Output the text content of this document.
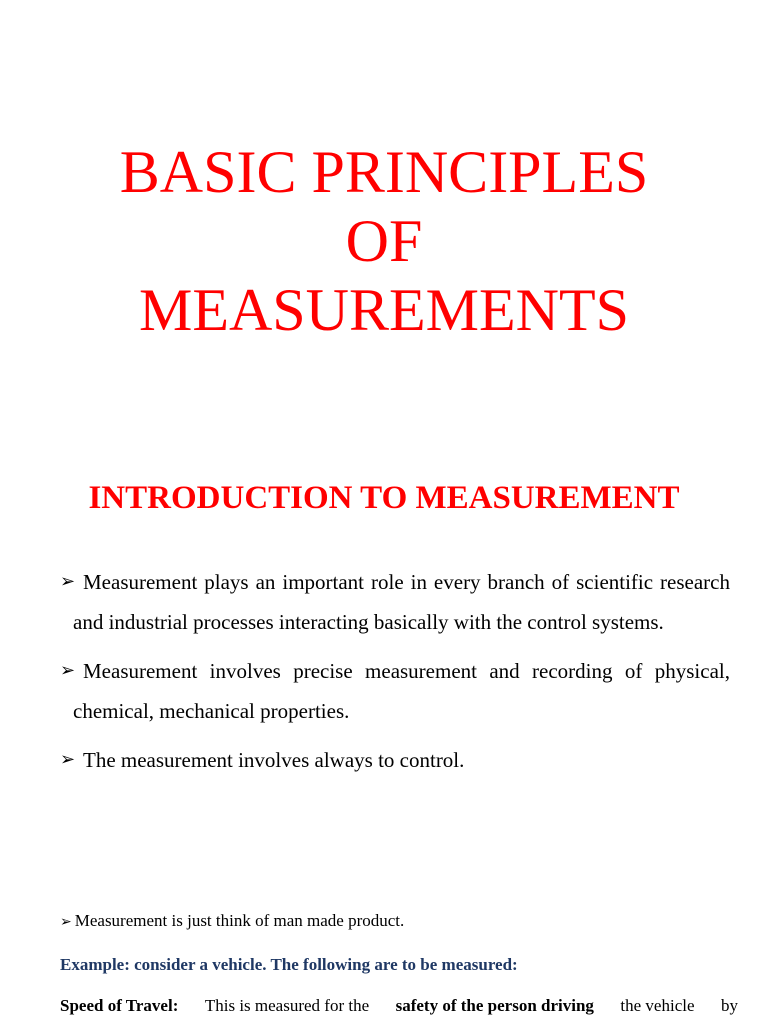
BASIC PRINCIPLES
OF
MEASUREMENTS
INTRODUCTION TO MEASUREMENT
➢ Measurement plays an important role in every branch of scientific research and industrial processes interacting basically with the control systems.
➢ Measurement involves precise measurement and recording of physical, chemical, mechanical properties.
➢ The measurement involves always to control.
➢ Measurement is just think of man made product.
Example: consider a vehicle. The following are to be measured:
Speed of Travel: This is measured for the safety of the person driving the vehicle by
